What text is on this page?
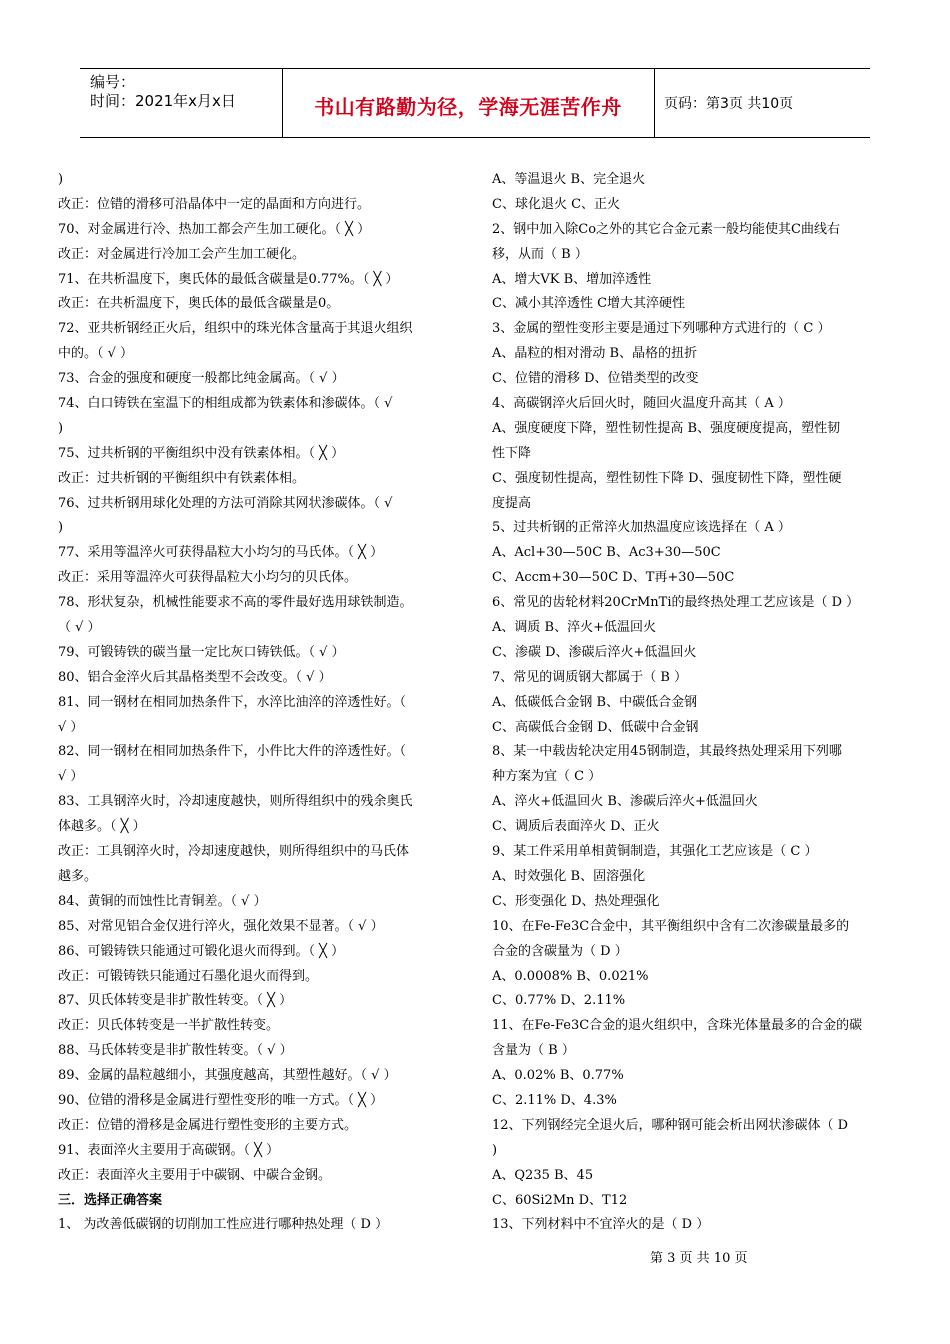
编号：
时间：2021年x月x日	书山有路勤为径，学海无涯苦作舟	页码：第3页 共10页
)
改正：位错的滑移可沿晶体中一定的晶面和方向进行。
70、对金属进行冷、热加工都会产生加工硬化。（ ╳ ）
改正：对金属进行冷加工会产生加工硬化。
71、在共析温度下，奥氏体的最低含碳量是0.77%。（ ╳ ）
改正：在共析温度下，奥氏体的最低含碳量是0。
72、亚共析钢经正火后，组织中的珠光体含量高于其退火组织
中的。（ √ ）
73、合金的强度和硬度一般都比纯金属高。（ √ ）
74、白口铸铁在室温下的相组成都为铁素体和渗碳体。（ √
)
75、过共析钢的平衡组织中没有铁素体相。（ ╳ ）
改正：过共析钢的平衡组织中有铁素体相。
76、过共析钢用球化处理的方法可消除其网状渗碳体。（ √
)
77、采用等温淬火可获得晶粒大小均匀的马氏体。（ ╳ ）
改正：采用等温淬火可获得晶粒大小均匀的贝氏体。
78、形状复杂，机械性能要求不高的零件最好选用球铁制造。
（ √ ）
79、可锻铸铁的碳当量一定比灰口铸铁低。（ √ ）
80、铝合金淬火后其晶格类型不会改变。（ √ ）
81、同一钢材在相同加热条件下，水淬比油淬的淬透性好。（
√ ）
82、同一钢材在相同加热条件下，小件比大件的淬透性好。（
√ ）
83、工具钢淬火时，冷却速度越快，则所得组织中的残余奥氏
体越多。（ ╳ ）
改正：工具钢淬火时，冷却速度越快，则所得组织中的马氏体
越多。
84、黄铜的而蚀性比青铜差。（ √ ）
85、对常见铝合金仅进行淬火，强化效果不显著。（ √ ）
86、可锻铸铁只能通过可锻化退火而得到。（ ╳ ）
改正：可锻铸铁只能通过石墨化退火而得到。
87、贝氏体转变是非扩散性转变。（ ╳ ）
改正：贝氏体转变是一半扩散性转变。
88、马氏体转变是非扩散性转变。（ √ ）
89、金属的晶粒越细小，其强度越高，其塑性越好。（ √ ）
90、位错的滑移是金属进行塑性变形的唯一方式。（ ╳ ）
改正：位错的滑移是金属进行塑性变形的主要方式。
91、表面淬火主要用于高碳钢。（ ╳ ）
改正：表面淬火主要用于中碳钢、中碳合金钢。
三．选择正确答案
1、 为改善低碳钢的切削加工性应进行哪种热处理（ D ）
A、等温退火 B、完全退火
C、球化退火 C、正火
2、钢中加入除Co之外的其它合金元素一般均能使其C曲线右
移，从而（ B ）
A、增大VK B、增加淬透性
C、减小其淬透性 C增大其淬硬性
3、金属的塑性变形主要是通过下列哪种方式进行的（ C ）
A、晶粒的相对滑动 B、晶格的扭折
C、位错的滑移 D、位错类型的改变
4、高碳钢淬火后回火时，随回火温度升高其（ A ）
A、强度硬度下降，塑性韧性提高 B、强度硬度提高，塑性韧
性下降
C、强度韧性提高，塑性韧性下降 D、强度韧性下降，塑性硬
度提高
5、过共析钢的正常淬火加热温度应该选择在（ A ）
A、Acl+30—50C B、Ac3+30—50C
C、Accm+30—50C D、T再+30—50C
6、常见的齿轮材料20CrMnTi的最终热处理工艺应该是（ D ）
A、调质 B、淬火+低温回火
C、渗碳 D、渗碳后淬火+低温回火
7、常见的调质钢大都属于（ B ）
A、低碳低合金钢 B、中碳低合金钢
C、高碳低合金钢 D、低碳中合金钢
8、某一中载齿轮决定用45钢制造，其最终热处理采用下列哪
种方案为宜（ C ）
A、淬火+低温回火 B、渗碳后淬火+低温回火
C、调质后表面淬火 D、正火
9、某工件采用单相黄铜制造，其强化工艺应该是（ C ）
A、时效强化 B、固溶强化
C、形变强化 D、热处理强化
10、在Fe-Fe3C合金中，其平衡组织中含有二次渗碳量最多的
合金的含碳量为（ D ）
A、0.0008% B、0.021%
C、0.77% D、2.11%
11、在Fe-Fe3C合金的退火组织中，含珠光体量最多的合金的碳
含量为（ B ）
A、0.02% B、0.77%
C、2.11% D、4.3%
12、下列钢经完全退火后，哪种钢可能会析出网状渗碳体（ D
)
A、Q235 B、45
C、60Si2Mn D、T12
13、下列材料中不宜淬火的是（ D ）
第 3 页 共 10 页
